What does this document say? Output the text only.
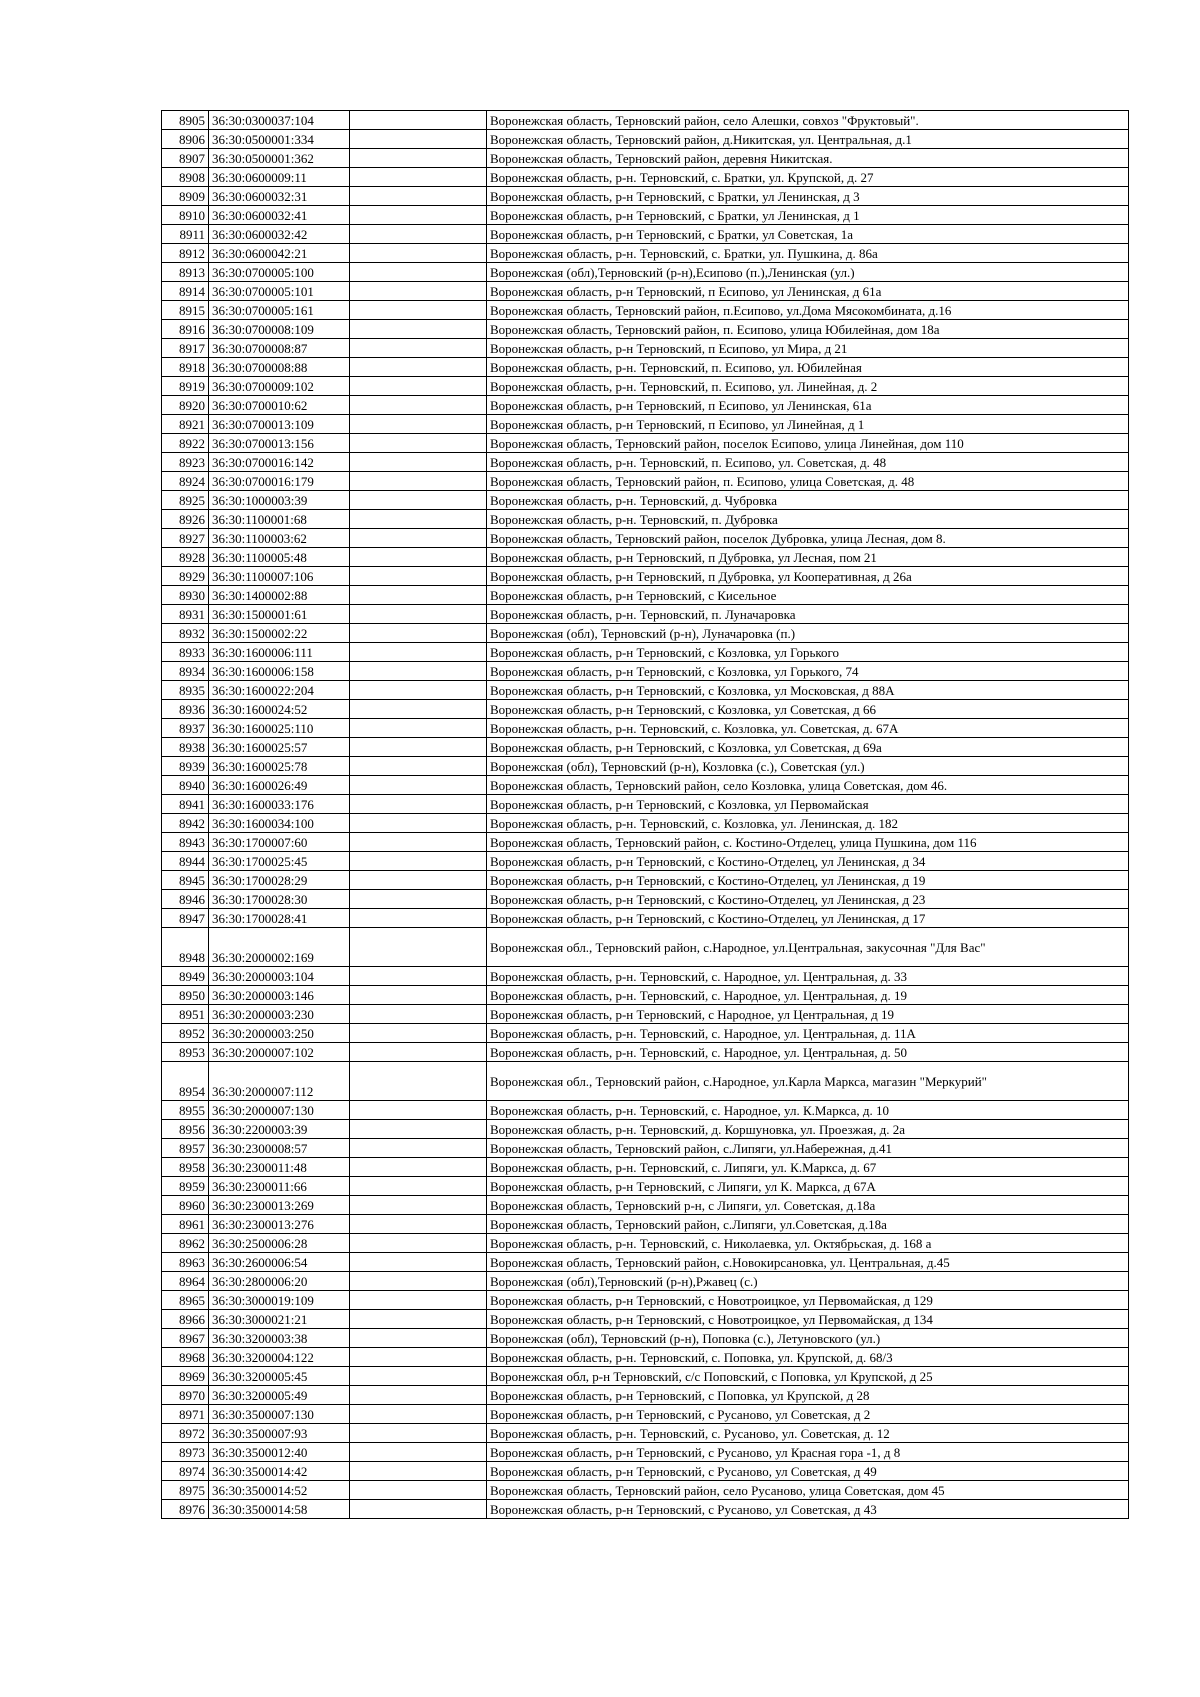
8905	36:30:0300037:104		Воронежская область, Терновский район, село Алешки, совхоз "Фруктовый".
8906	36:30:0500001:334		Воронежская область, Терновский район, д.Никитская, ул. Центральная, д.1
8907	36:30:0500001:362		Воронежская область, Терновский район, деревня Никитская.
8908	36:30:0600009:11		Воронежская область, р-н. Терновский, с. Братки, ул. Крупской, д. 27
8909	36:30:0600032:31		Воронежская область, р-н Терновский, с Братки, ул Ленинская, д 3
8910	36:30:0600032:41		Воронежская область, р-н Терновский, с Братки, ул Ленинская, д 1
8911	36:30:0600032:42		Воронежская область, р-н Терновский, с Братки, ул Советская, 1а
8912	36:30:0600042:21		Воронежская область, р-н. Терновский, с. Братки, ул. Пушкина, д. 86а
8913	36:30:0700005:100		Воронежская (обл),Терновский (р-н),Есипово (п.),Ленинская (ул.)
8914	36:30:0700005:101		Воронежская область, р-н Терновский, п Есипово, ул Ленинская, д 61а
8915	36:30:0700005:161		Воронежская область, Терновский район, п.Есипово, ул.Дома Мясокомбината, д.16
8916	36:30:0700008:109		Воронежская область, Терновский район, п. Есипово, улица Юбилейная, дом 18а
8917	36:30:0700008:87		Воронежская область, р-н Терновский, п Есипово, ул Мира, д 21
8918	36:30:0700008:88		Воронежская область, р-н. Терновский, п. Есипово, ул. Юбилейная
8919	36:30:0700009:102		Воронежская область, р-н. Терновский, п. Есипово, ул. Линейная, д. 2
8920	36:30:0700010:62		Воронежская область, р-н Терновский, п Есипово, ул Ленинская, 61а
8921	36:30:0700013:109		Воронежская область, р-н Терновский, п Есипово, ул Линейная, д 1
8922	36:30:0700013:156		Воронежская область, Терновский район, поселок Есипово, улица Линейная, дом 110
8923	36:30:0700016:142		Воронежская область, р-н. Терновский, п. Есипово, ул. Советская, д. 48
8924	36:30:0700016:179		Воронежская область, Терновский район, п. Есипово, улица Советская, д. 48
8925	36:30:1000003:39		Воронежская область, р-н. Терновский, д. Чубровка
8926	36:30:1100001:68		Воронежская область, р-н. Терновский, п. Дубровка
8927	36:30:1100003:62		Воронежская область, Терновский район, поселок Дубровка, улица Лесная, дом 8.
8928	36:30:1100005:48		Воронежская область, р-н Терновский, п Дубровка, ул Лесная, пом 21
8929	36:30:1100007:106		Воронежская область, р-н Терновский, п Дубровка, ул Кооперативная, д 26а
8930	36:30:1400002:88		Воронежская область, р-н Терновский, с Кисельное
8931	36:30:1500001:61		Воронежская область, р-н. Терновский, п. Луначаровка
8932	36:30:1500002:22		Воронежская (обл), Терновский (р-н), Луначаровка (п.)
8933	36:30:1600006:111		Воронежская область, р-н Терновский, с Козловка, ул Горького
8934	36:30:1600006:158		Воронежская область, р-н Терновский, с Козловка, ул Горького, 74
8935	36:30:1600022:204		Воронежская область, р-н Терновский, с Козловка, ул Московская, д 88А
8936	36:30:1600024:52		Воронежская область, р-н Терновский, с Козловка, ул Советская, д 66
8937	36:30:1600025:110		Воронежская область, р-н. Терновский, с. Козловка, ул. Советская, д. 67А
8938	36:30:1600025:57		Воронежская область, р-н Терновский, с Козловка, ул Советская, д 69а
8939	36:30:1600025:78		Воронежская (обл), Терновский (р-н), Козловка (с.), Советская (ул.)
8940	36:30:1600026:49		Воронежская область, Терновский район, село Козловка, улица Советская, дом 46.
8941	36:30:1600033:176		Воронежская область, р-н Терновский, с Козловка, ул Первомайская
8942	36:30:1600034:100		Воронежская область, р-н. Терновский, с. Козловка, ул. Ленинская, д. 182
8943	36:30:1700007:60		Воронежская область, Терновский район, с. Костино-Отделец, улица Пушкина, дом 116
8944	36:30:1700025:45		Воронежская область, р-н Терновский, с Костино-Отделец, ул Ленинская, д 34
8945	36:30:1700028:29		Воронежская область, р-н Терновский, с Костино-Отделец, ул Ленинская, д 19
8946	36:30:1700028:30		Воронежская область, р-н Терновский, с Костино-Отделец, ул Ленинская, д 23
8947	36:30:1700028:41		Воронежская область, р-н Терновский, с Костино-Отделец, ул Ленинская, д 17
8948	36:30:2000002:169		Воронежская обл., Терновский район, с.Народное, ул.Центральная, закусочная "Для Вас"
8949	36:30:2000003:104		Воронежская область, р-н. Терновский, с. Народное, ул. Центральная, д. 33
8950	36:30:2000003:146		Воронежская область, р-н. Терновский, с. Народное, ул. Центральная, д. 19
8951	36:30:2000003:230		Воронежская область, р-н Терновский, с Народное, ул Центральная, д 19
8952	36:30:2000003:250		Воронежская область, р-н. Терновский, с. Народное, ул. Центральная, д. 11А
8953	36:30:2000007:102		Воронежская область, р-н. Терновский, с. Народное, ул. Центральная, д. 50
8954	36:30:2000007:112		Воронежская обл., Терновский район, с.Народное, ул.Карла Маркса, магазин "Меркурий"
8955	36:30:2000007:130		Воронежская область, р-н. Терновский, с. Народное, ул. К.Маркса, д. 10
8956	36:30:2200003:39		Воронежская область, р-н. Терновский, д. Коршуновка, ул. Проезжая, д. 2а
8957	36:30:2300008:57		Воронежская область, Терновский район, с.Липяги, ул.Набережная, д.41
8958	36:30:2300011:48		Воронежская область, р-н. Терновский, с. Липяги, ул. К.Маркса, д. 67
8959	36:30:2300011:66		Воронежская область, р-н Терновский, с Липяги, ул К. Маркса, д 67А
8960	36:30:2300013:269		Воронежская область, Терновский р-н, с Липяги, ул. Советская, д.18а
8961	36:30:2300013:276		Воронежская область, Терновский район, с.Липяги, ул.Советская, д.18а
8962	36:30:2500006:28		Воронежская область, р-н. Терновский, с. Николаевка, ул. Октябрьская, д. 168 а
8963	36:30:2600006:54		Воронежская область, Терновский район, с.Новокирсановка, ул. Центральная, д.45
8964	36:30:2800006:20		Воронежская (обл),Терновский (р-н),Ржавец (с.)
8965	36:30:3000019:109		Воронежская область, р-н Терновский, с Новотроицкое, ул Первомайская, д 129
8966	36:30:3000021:21		Воронежская область, р-н Терновский, с Новотроицкое, ул Первомайская, д 134
8967	36:30:3200003:38		Воронежская (обл), Терновский (р-н), Поповка (с.), Летуновского (ул.)
8968	36:30:3200004:122		Воронежская область, р-н. Терновский, с. Поповка, ул. Крупской, д. 68/3
8969	36:30:3200005:45		Воронежская обл, р-н Терновский, с/с Поповский, с Поповка, ул Крупской, д 25
8970	36:30:3200005:49		Воронежская область, р-н Терновский, с Поповка, ул Крупской, д 28
8971	36:30:3500007:130		Воронежская область, р-н Терновский, с Русаново, ул Советская, д 2
8972	36:30:3500007:93		Воронежская область, р-н. Терновский, с. Русаново, ул. Советская, д. 12
8973	36:30:3500012:40		Воронежская область, р-н Терновский, с Русаново, ул Красная гора -1, д 8
8974	36:30:3500014:42		Воронежская область, р-н Терновский, с Русаново, ул Советская, д 49
8975	36:30:3500014:52		Воронежская область, Терновский район, село Русаново, улица Советская, дом 45
8976	36:30:3500014:58		Воронежская область, р-н Терновский, с Русаново, ул Советская, д 43
